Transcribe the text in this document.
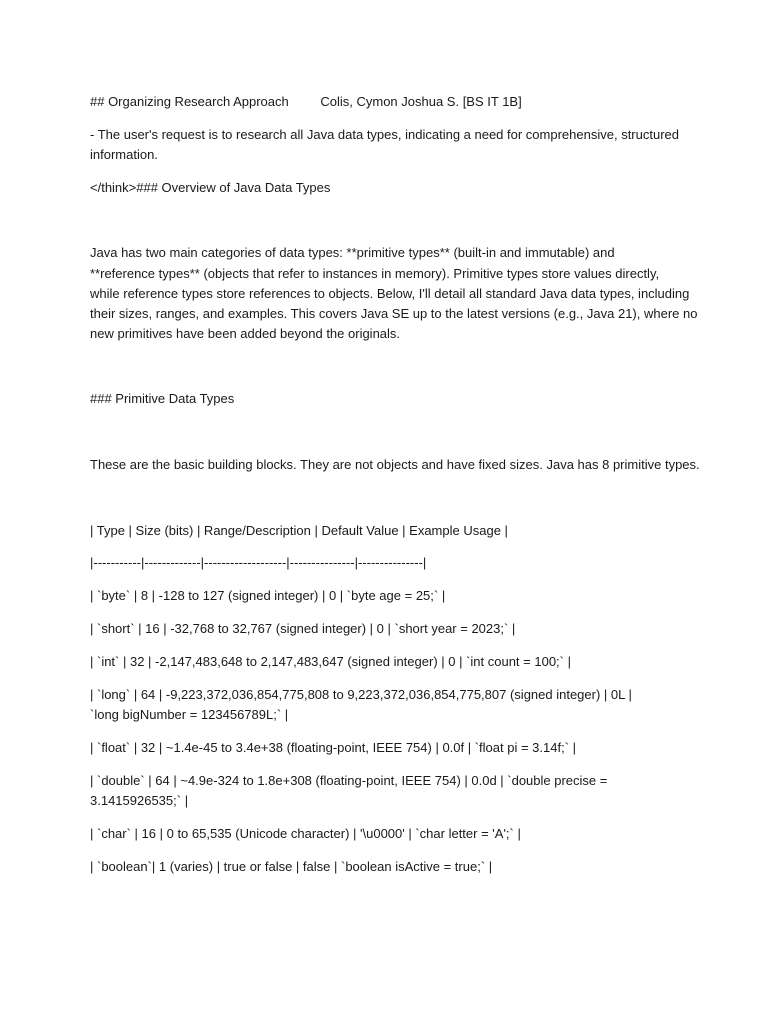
## Organizing Research Approach Colis, Cymon Joshua S. [BS IT 1B]
- The user's request is to research all Java data types, indicating a need for comprehensive, structured
information.
</think>### Overview of Java Data Types
Java has two main categories of data types: **primitive types** (built-in and immutable) and
**reference types** (objects that refer to instances in memory). Primitive types store values directly,
while reference types store references to objects. Below, I'll detail all standard Java data types, including
their sizes, ranges, and examples. This covers Java SE up to the latest versions (e.g., Java 21), where no
new primitives have been added beyond the originals.
### Primitive Data Types
These are the basic building blocks. They are not objects and have fixed sizes. Java has 8 primitive types.
| Type | Size (bits) | Range/Description | Default Value | Example Usage |
|-----------|-------------|-------------------|---------------|---------------|
| `byte` | 8 | -128 to 127 (signed integer) | 0 | `byte age = 25;` |
| `short` | 16 | -32,768 to 32,767 (signed integer) | 0 | `short year = 2023;` |
| `int` | 32 | -2,147,483,648 to 2,147,483,647 (signed integer) | 0 | `int count = 100;` |
| `long` | 64 | -9,223,372,036,854,775,808 to 9,223,372,036,854,775,807 (signed integer) | 0L |
`long bigNumber = 123456789L;` |
| `float` | 32 | ~1.4e-45 to 3.4e+38 (floating-point, IEEE 754) | 0.0f | `float pi = 3.14f;` |
| `double` | 64 | ~4.9e-324 to 1.8e+308 (floating-point, IEEE 754) | 0.0d | `double precise =
3.1415926535;` |
| `char` | 16 | 0 to 65,535 (Unicode character) | '\u0000' | `char letter = 'A';` |
| `boolean`| 1 (varies) | true or false | false | `boolean isActive = true;` |
